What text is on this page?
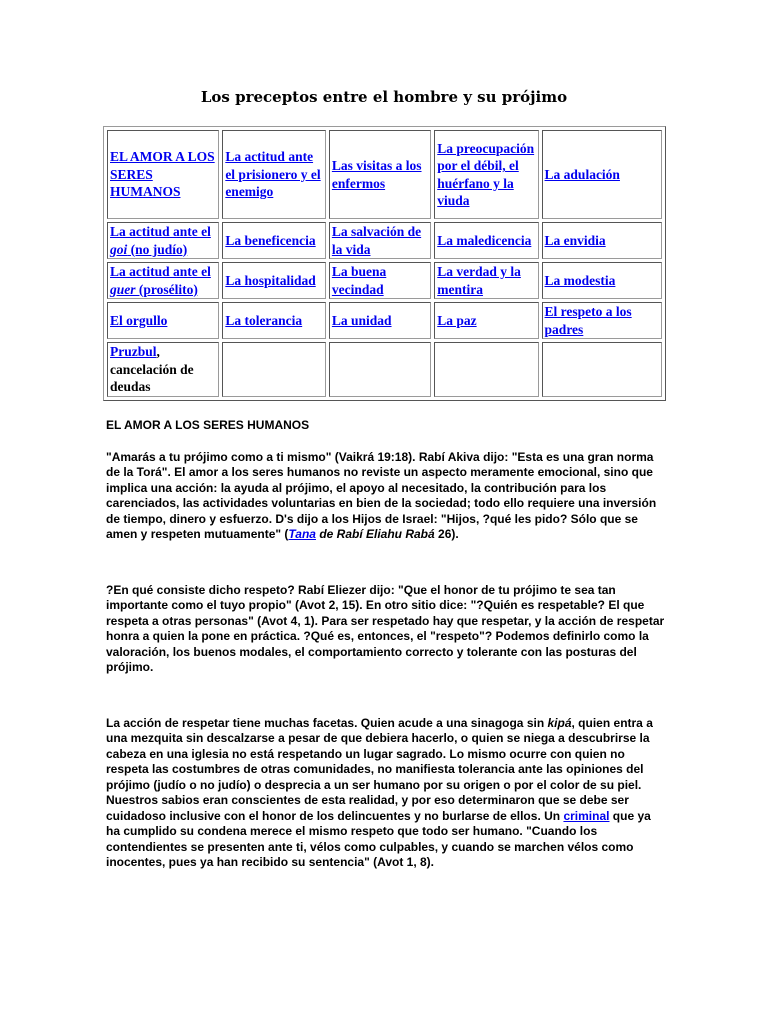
Los preceptos entre el hombre y su prójimo
EL AMOR A LOS SERES HUMANOS	La actitud ante el prisionero y el enemigo	Las visitas a los enfermos	La preocupación por el débil, el huérfano y la viuda	La adulación
La actitud ante el goi (no judío)	La beneficencia	La salvación de la vida	La maledicencia	La envidia
La actitud ante el guer (prosélito)	La hospitalidad	La buena vecindad	La verdad y la mentira	La modestia
El orgullo	La tolerancia	La unidad	La paz	El respeto a los padres
Pruzbul, cancelación de deudas				

EL AMOR A LOS SERES HUMANOS

"Amarás a tu prójimo como a ti mismo" (Vaikrá 19:18). Rabí Akiva dijo: "Esta es una gran norma de la Torá". El amor a los seres humanos no reviste un aspecto meramente emocional, sino que implica una acción: la ayuda al prójimo, el apoyo al necesitado, la contribución para los carenciados, las actividades voluntarias en bien de la sociedad; todo ello requiere una inversión de tiempo, dinero y esfuerzo. D's dijo a los Hijos de Israel: "Hijos, ?qué les pido? Sólo que se amen y respeten mutuamente" (Tana de Rabí Eliahu Rabá 26).

?En qué consiste dicho respeto? Rabí Eliezer dijo: "Que el honor de tu prójimo te sea tan importante como el tuyo propio" (Avot 2, 15). En otro sitio dice: "?Quién es respetable? El que respeta a otras personas" (Avot 4, 1). Para ser respetado hay que respetar, y la acción de respetar honra a quien la pone en práctica. ?Qué es, entonces, el "respeto"? Podemos definirlo como la valoración, los buenos modales, el comportamiento correcto y tolerante con las posturas del prójimo.

La acción de respetar tiene muchas facetas. Quien acude a una sinagoga sin kipá, quien entra a una mezquita sin descalzarse a pesar de que debiera hacerlo, o quien se niega a descubrirse la cabeza en una iglesia no está respetando un lugar sagrado. Lo mismo ocurre con quien no respeta las costumbres de otras comunidades, no manifiesta tolerancia ante las opiniones del prójimo (judío o no judío) o desprecia a un ser humano por su origen o por el color de su piel. Nuestros sabios eran conscientes de esta realidad, y por eso determinaron que se debe ser cuidadoso inclusive con el honor de los delincuentes y no burlarse de ellos. Un criminal que ya ha cumplido su condena merece el mismo respeto que todo ser humano. "Cuando los contendientes se presenten ante ti, vélos como culpables, y cuando se marchen vélos como inocentes, pues ya han recibido su sentencia" (Avot 1, 8).
